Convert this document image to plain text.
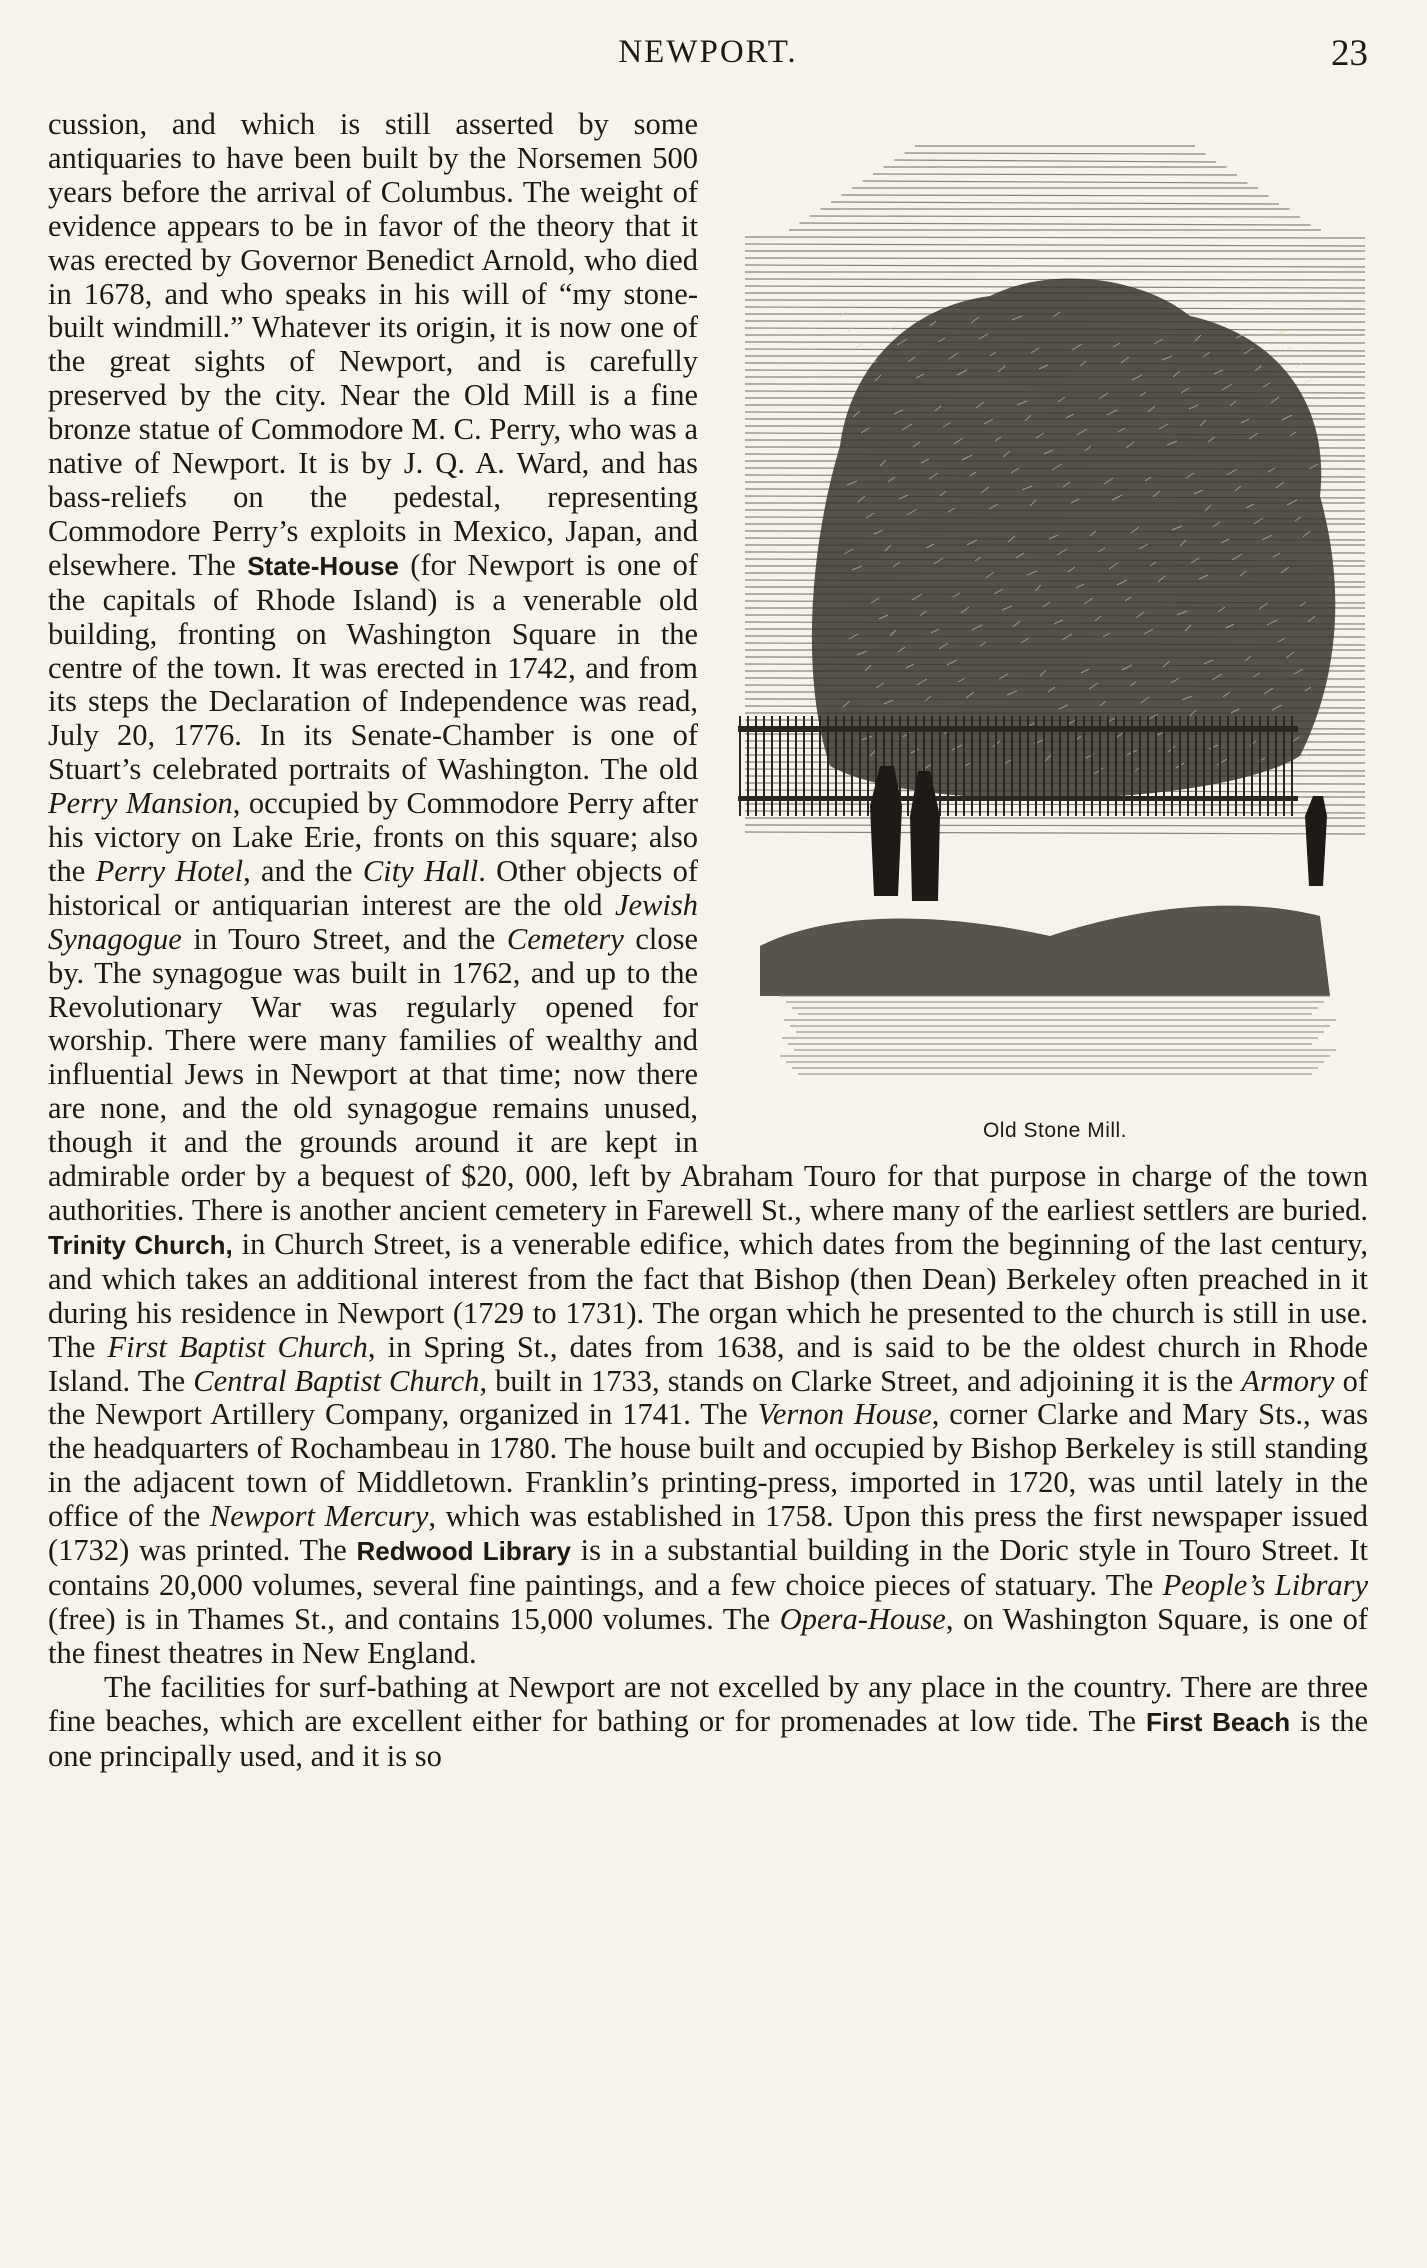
NEWPORT.	23

Old Stone Mill.
cussion, and which is still asserted by some antiquaries to have been built by the Norsemen 500 years before the arrival of Columbus. The weight of evidence appears to be in favor of the theory that it was erected by Governor Benedict Arnold, who died in 1678, and who speaks in his will of “my stone-built windmill.” Whatever its origin, it is now one of the great sights of Newport, and is carefully preserved by the city. Near the Old Mill is a fine bronze statue of Commodore M. C. Perry, who was a native of Newport. It is by J. Q. A. Ward, and has bass-reliefs on the pedestal, representing Commodore Perry’s exploits in Mexico, Japan, and elsewhere. The State-House (for Newport is one of the capitals of Rhode Island) is a venerable old building, fronting on Washington Square in the centre of the town. It was erected in 1742, and from its steps the Declaration of Independence was read, July 20, 1776. In its Senate-Chamber is one of Stuart’s celebrated portraits of Washington. The old Perry Mansion, occupied by Commodore Perry after his victory on Lake Erie, fronts on this square; also the Perry Hotel, and the City Hall. Other objects of historical or antiquarian interest are the old Jewish Synagogue in Touro Street, and the Cemetery close by. The synagogue was built in 1762, and up to the Revolutionary War was regularly opened for worship. There were many families of wealthy and influential Jews in Newport at that time; now there are none, and the old synagogue remains unused, though it and the grounds around it are kept in admirable order by a bequest of $20, 000, left by Abraham Touro for that purpose in charge of the town authorities. There is another ancient cemetery in Farewell St., where many of the earliest settlers are buried. Trinity Church, in Church Street, is a venerable edifice, which dates from the beginning of the last century, and which takes an additional interest from the fact that Bishop (then Dean) Berkeley often preached in it during his residence in Newport (1729 to 1731). The organ which he presented to the church is still in use. The First Baptist Church, in Spring St., dates from 1638, and is said to be the oldest church in Rhode Island. The Central Baptist Church, built in 1733, stands on Clarke Street, and adjoining it is the Armory of the Newport Artillery Company, organized in 1741. The Vernon House, corner Clarke and Mary Sts., was the headquarters of Rochambeau in 1780. The house built and occupied by Bishop Berkeley is still standing in the adjacent town of Middletown. Franklin’s printing-press, imported in 1720, was until lately in the office of the Newport Mercury, which was established in 1758. Upon this press the first newspaper issued (1732) was printed. The Redwood Library is in a substantial building in the Doric style in Touro Street. It contains 20,000 volumes, several fine paintings, and a few choice pieces of statuary. The People’s Library (free) is in Thames St., and contains 15,000 volumes. The Opera-House, on Washington Square, is one of the finest theatres in New England.

The facilities for surf-bathing at Newport are not excelled by any place in the country. There are three fine beaches, which are excellent either for bathing or for promenades at low tide. The First Beach is the one principally used, and it is so
